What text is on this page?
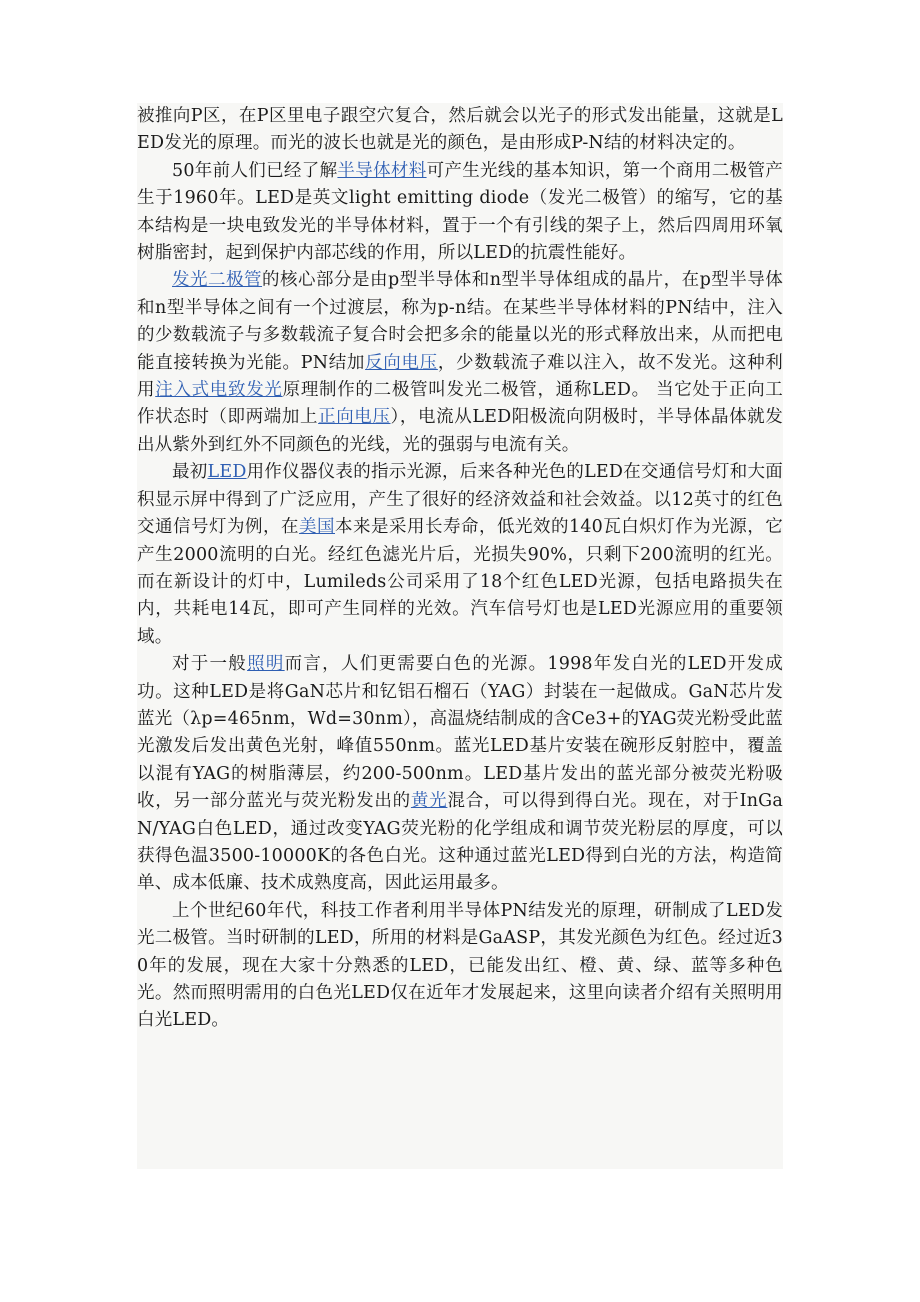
被推向P区，在P区里电子跟空穴复合，然后就会以光子的形式发出能量，这就是LED发光的原理。而光的波长也就是光的颜色，是由形成P-N结的材料决定的。

50年前人们已经了解半导体材料可产生光线的基本知识，第一个商用二极管产生于1960年。LED是英文light emitting diode（发光二极管）的缩写，它的基本结构是一块电致发光的半导体材料，置于一个有引线的架子上，然后四周用环氧树脂密封，起到保护内部芯线的作用，所以LED的抗震性能好。

发光二极管的核心部分是由p型半导体和n型半导体组成的晶片，在p型半导体和n型半导体之间有一个过渡层，称为p-n结。在某些半导体材料的PN结中，注入的少数载流子与多数载流子复合时会把多余的能量以光的形式释放出来，从而把电能直接转换为光能。PN结加反向电压，少数载流子难以注入，故不发光。这种利用注入式电致发光原理制作的二极管叫发光二极管，通称LED。 当它处于正向工作状态时（即两端加上正向电压），电流从LED阳极流向阴极时，半导体晶体就发出从紫外到红外不同颜色的光线，光的强弱与电流有关。

最初LED用作仪器仪表的指示光源，后来各种光色的LED在交通信号灯和大面积显示屏中得到了广泛应用，产生了很好的经济效益和社会效益。以12英寸的红色交通信号灯为例，在美国本来是采用长寿命，低光效的140瓦白炽灯作为光源，它产生2000流明的白光。经红色滤光片后，光损失90%，只剩下200流明的红光。而在新设计的灯中，Lumileds公司采用了18个红色LED光源，包括电路损失在内，共耗电14瓦，即可产生同样的光效。汽车信号灯也是LED光源应用的重要领域。

对于一般照明而言，人们更需要白色的光源。1998年发白光的LED开发成功。这种LED是将GaN芯片和钇铝石榴石（YAG）封装在一起做成。GaN芯片发蓝光（λp=465nm，Wd=30nm），高温烧结制成的含Ce3+的YAG荧光粉受此蓝光激发后发出黄色光射，峰值550nm。蓝光LED基片安装在碗形反射腔中，覆盖以混有YAG的树脂薄层，约200-500nm。LED基片发出的蓝光部分被荧光粉吸收，另一部分蓝光与荧光粉发出的黄光混合，可以得到得白光。现在，对于InGaN/YAG白色LED，通过改变YAG荧光粉的化学组成和调节荧光粉层的厚度，可以获得色温3500-10000K的各色白光。这种通过蓝光LED得到白光的方法，构造简单、成本低廉、技术成熟度高，因此运用最多。

上个世纪60年代，科技工作者利用半导体PN结发光的原理，研制成了LED发光二极管。当时研制的LED，所用的材料是GaASP，其发光颜色为红色。经过近30年的发展，现在大家十分熟悉的LED，已能发出红、橙、黄、绿、蓝等多种色光。然而照明需用的白色光LED仅在近年才发展起来，这里向读者介绍有关照明用白光LED。
